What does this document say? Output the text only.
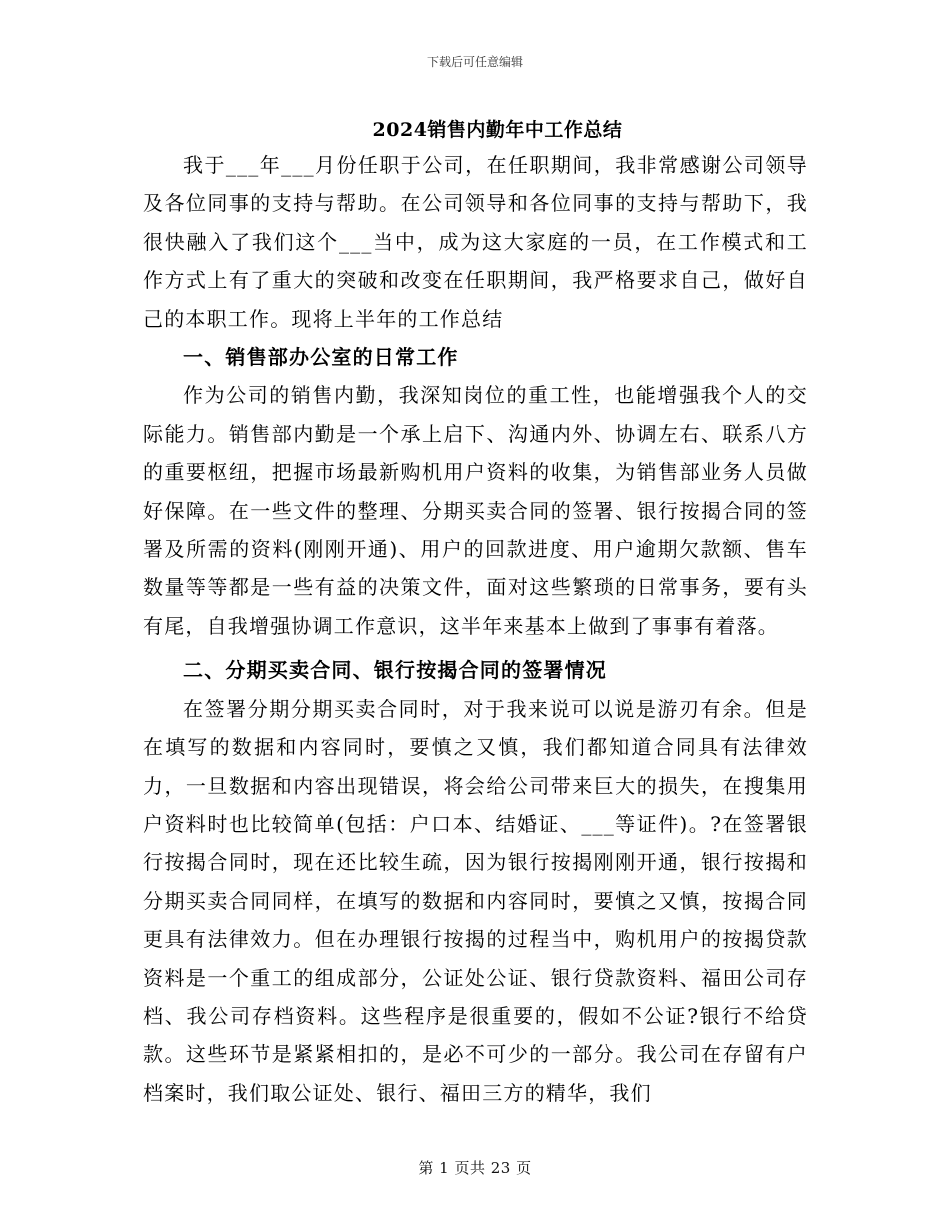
下载后可任意编辑
2024销售内勤年中工作总结

我于___年___月份任职于公司，在任职期间，我非常感谢公司领导及各位同事的支持与帮助。在公司领导和各位同事的支持与帮助下，我很快融入了我们这个___当中，成为这大家庭的一员，在工作模式和工作方式上有了重大的突破和改变在任职期间，我严格要求自己，做好自己的本职工作。现将上半年的工作总结

一、销售部办公室的日常工作

作为公司的销售内勤，我深知岗位的重工性，也能增强我个人的交际能力。销售部内勤是一个承上启下、沟通内外、协调左右、联系八方的重要枢纽，把握市场最新购机用户资料的收集，为销售部业务人员做好保障。在一些文件的整理、分期买卖合同的签署、银行按揭合同的签署及所需的资料(刚刚开通)、用户的回款进度、用户逾期欠款额、售车数量等等都是一些有益的决策文件，面对这些繁琐的日常事务，要有头有尾，自我增强协调工作意识，这半年来基本上做到了事事有着落。

二、分期买卖合同、银行按揭合同的签署情况

在签署分期分期买卖合同时，对于我来说可以说是游刃有余。但是在填写的数据和内容同时，要慎之又慎，我们都知道合同具有法律效力，一旦数据和内容出现错误，将会给公司带来巨大的损失，在搜集用户资料时也比较简单(包括：户口本、结婚证、___等证件)。?在签署银行按揭合同时，现在还比较生疏，因为银行按揭刚刚开通，银行按揭和分期买卖合同同样，在填写的数据和内容同时，要慎之又慎，按揭合同更具有法律效力。但在办理银行按揭的过程当中，购机用户的按揭贷款资料是一个重工的组成部分，公证处公证、银行贷款资料、福田公司存档、我公司存档资料。这些程序是很重要的，假如不公证?银行不给贷款。这些环节是紧紧相扣的，是必不可少的一部分。我公司在存留有户档案时，我们取公证处、银行、福田三方的精华，我们

第 1 页共 23 页
